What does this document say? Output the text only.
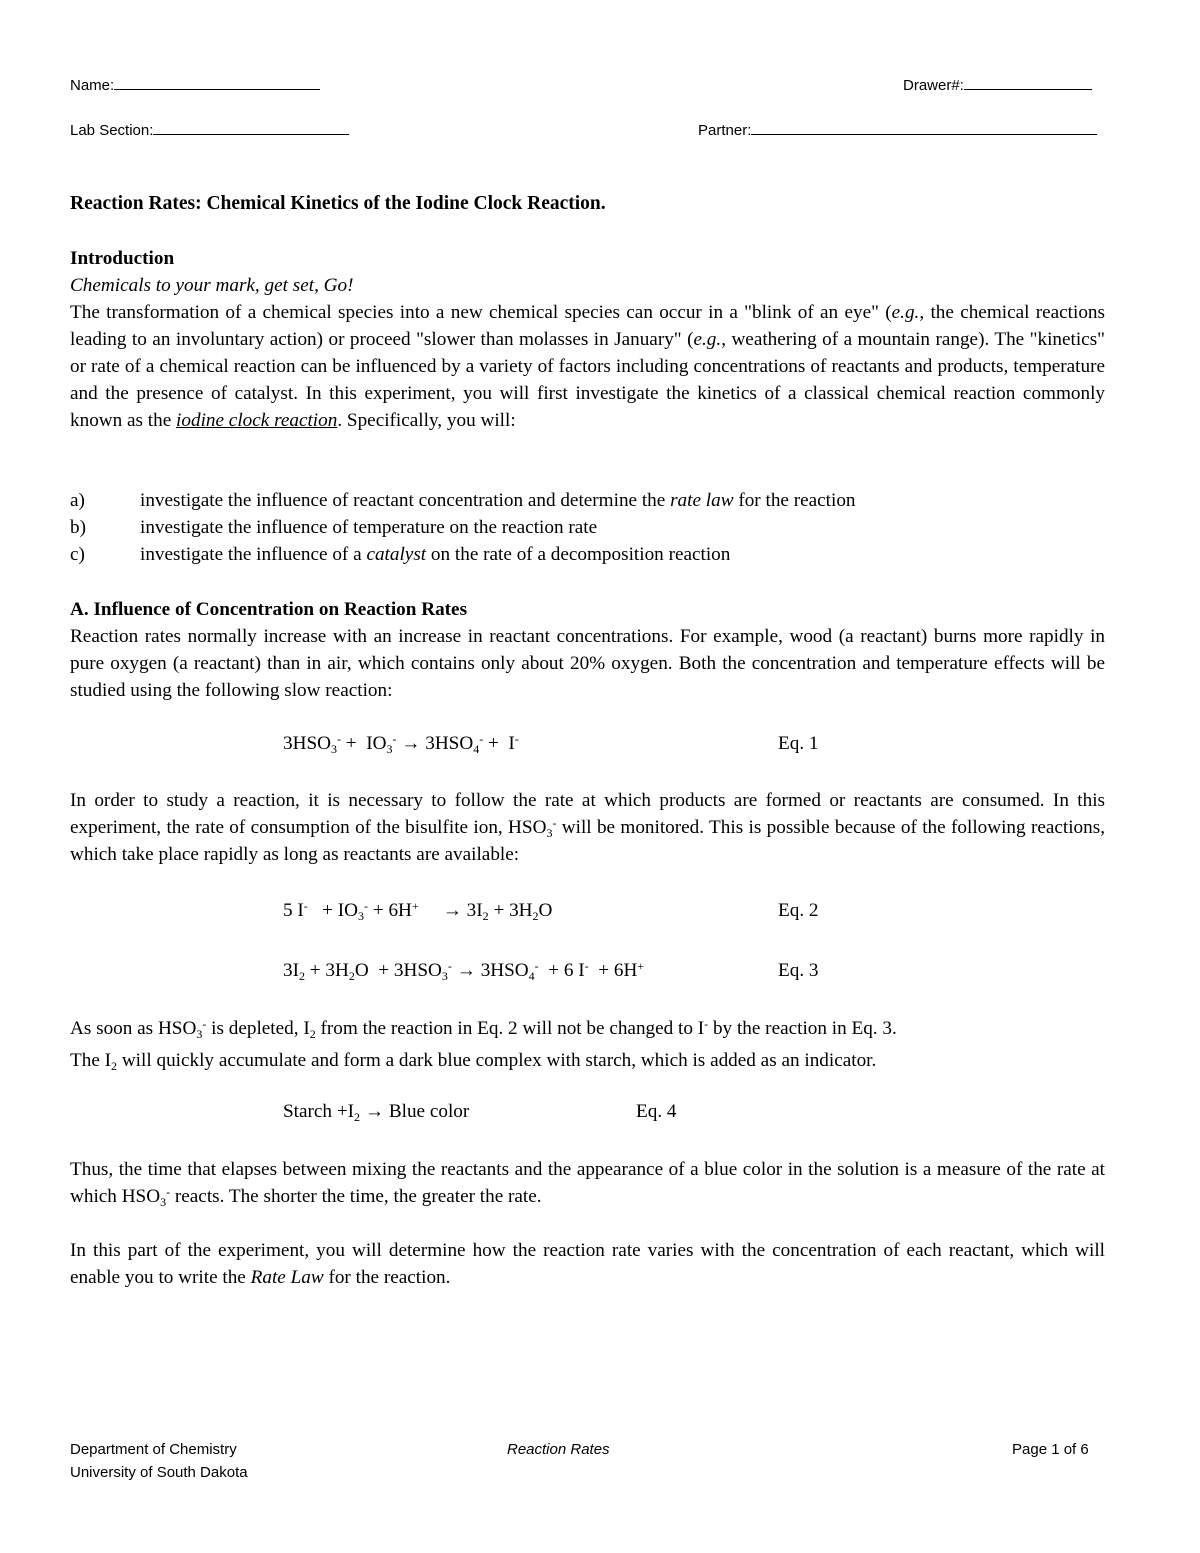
Name:	Drawer#:
Lab Section:	Partner:
Reaction Rates: Chemical Kinetics of the Iodine Clock Reaction.
Introduction
Chemicals to your mark, get set, Go!

The transformation of a chemical species into a new chemical species can occur in a "blink of an eye" (e.g., the chemical reactions leading to an involuntary action) or proceed "slower than molasses in January" (e.g., weathering of a mountain range). The "kinetics" or rate of a chemical reaction can be influenced by a variety of factors including concentrations of reactants and products, temperature and the presence of catalyst. In this experiment, you will first investigate the kinetics of a classical chemical reaction commonly known as the iodine clock reaction. Specifically, you will:

a)	investigate the influence of reactant concentration and determine the rate law for the reaction
b)	investigate the influence of temperature on the reaction rate
c)	investigate the influence of a catalyst on the rate of a decomposition reaction
A. Influence of Concentration on Reaction Rates

Reaction rates normally increase with an increase in reactant concentrations. For example, wood (a reactant) burns more rapidly in pure oxygen (a reactant) than in air, which contains only about 20% oxygen. Both the concentration and temperature effects will be studied using the following slow reaction:

$3HSO_3^- + IO_3^- \to 3HSO_4^- + I^-$	Eq. 1

In order to study a reaction, it is necessary to follow the rate at which products are formed or reactants are consumed. In this experiment, the rate of consumption of the bisulfite ion, $HSO_3^-$ will be monitored. This is possible because of the following reactions, which take place rapidly as long as reactants are available:

5 $I^- + IO_3^- + 6H^+$     → $3I_2 + 3H_2O$	Eq. 2
$3I_2 + 3H_2O + 3HSO_3^- \to 3HSO_4^- + 6$ I-  + 6H+	Eq. 3
As soon as $HSO_3^-$ is depleted, $I_2$ from the reaction in Eq. 2 will not be changed to I- by the reaction in Eq. 3.
The $I_2$ will quickly accumulate and form a dark blue complex with starch, which is added as an indicator.
Starch $+I_2$ → Blue color	Eq. 4

Thus, the time that elapses between mixing the reactants and the appearance of a blue color in the solution is a measure of the rate at which $HSO_3^-$ reacts. The shorter the time, the greater the rate.

In this part of the experiment, you will determine how the reaction rate varies with the concentration of each reactant, which will enable you to write the Rate Law for the reaction.

Department of Chemistry
University of South Dakota
Reaction Rates	Page 1 of 6
